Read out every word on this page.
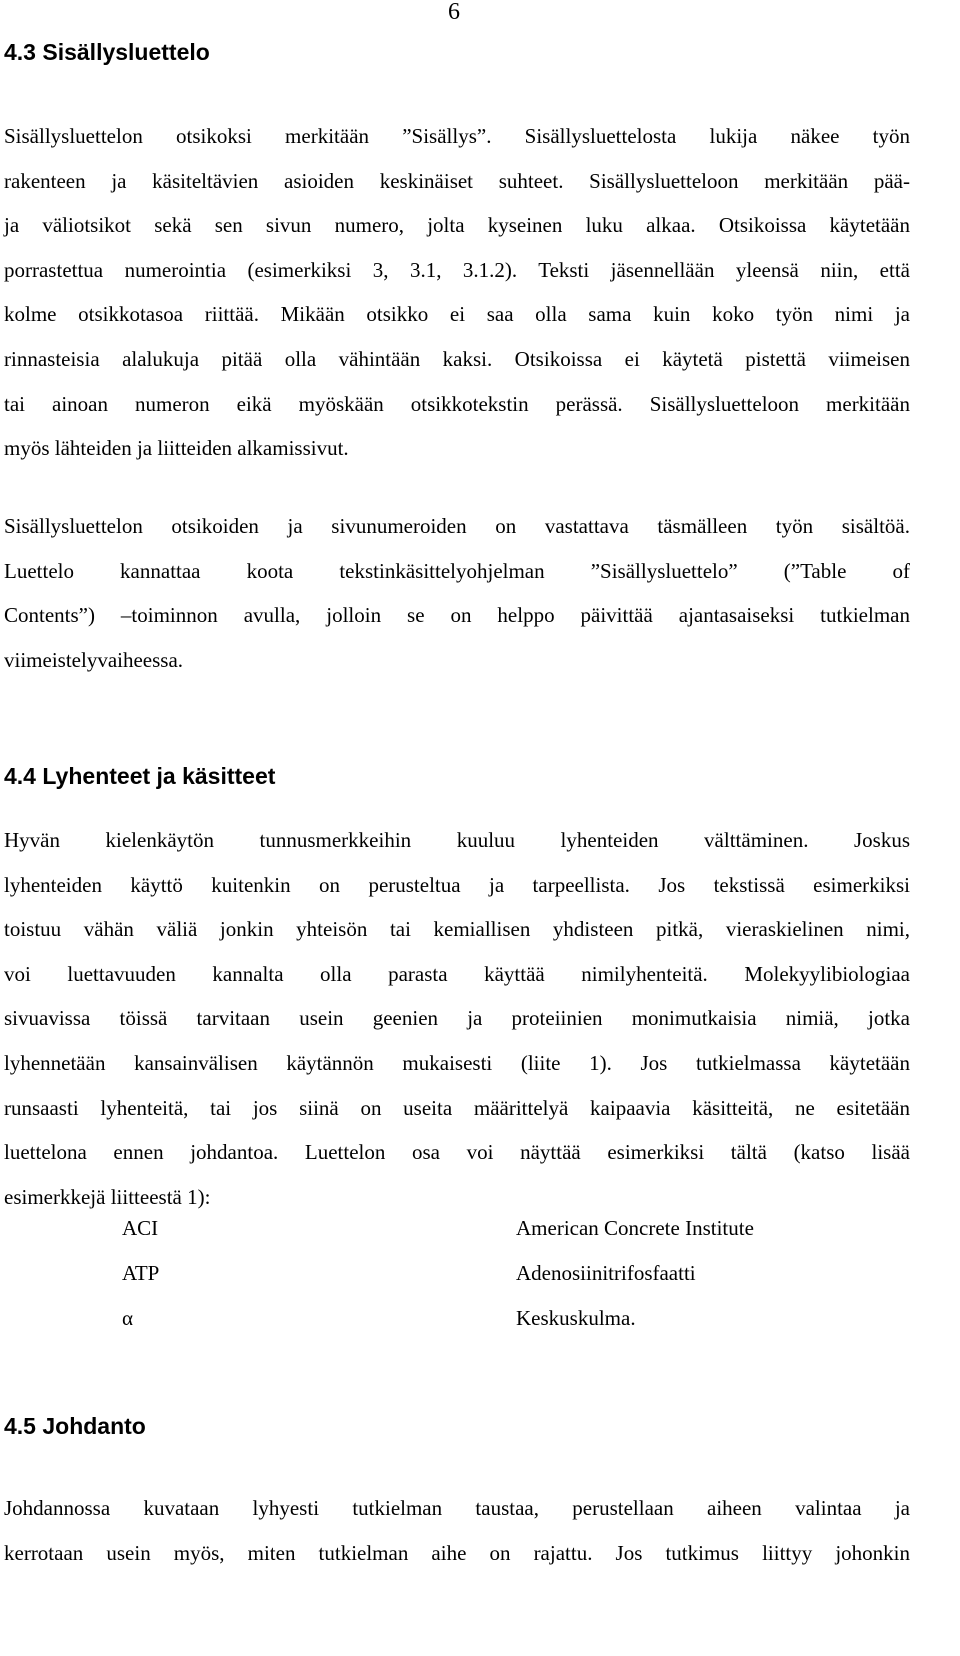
6
4.3 Sisällysluettelo
Sisällysluettelon otsikoksi merkitään ”Sisällys”. Sisällysluettelosta lukija näkee työn
rakenteen ja käsiteltävien asioiden keskinäiset suhteet. Sisällysluetteloon merkitään pää-
ja väliotsikot sekä sen sivun numero, jolta kyseinen luku alkaa. Otsikoissa käytetään
porrastettua numerointia (esimerkiksi 3, 3.1, 3.1.2). Teksti jäsennellään yleensä niin, että
kolme otsikkotasoa riittää. Mikään otsikko ei saa olla sama kuin koko työn nimi ja
rinnasteisia alalukuja pitää olla vähintään kaksi. Otsikoissa ei käytetä pistettä viimeisen
tai ainoan numeron eikä myöskään otsikkotekstin perässä. Sisällysluetteloon merkitään
myös lähteiden ja liitteiden alkamissivut.
Sisällysluettelon otsikoiden ja sivunumeroiden on vastattava täsmälleen työn sisältöä.
Luettelo kannattaa koota tekstinkäsittelyohjelman ”Sisällysluettelo” (”Table of
Contents”) –toiminnon avulla, jolloin se on helppo päivittää ajantasaiseksi tutkielman
viimeistelyvaiheessa.
4.4 Lyhenteet ja käsitteet
Hyvän kielenkäytön tunnusmerkkeihin kuuluu lyhenteiden välttäminen. Joskus
lyhenteiden käyttö kuitenkin on perusteltua ja tarpeellista. Jos tekstissä esimerkiksi
toistuu vähän väliä jonkin yhteisön tai kemiallisen yhdisteen pitkä, vieraskielinen nimi,
voi luettavuuden kannalta olla parasta käyttää nimilyhenteitä. Molekyylibiologiaa
sivuavissa töissä tarvitaan usein geenien ja proteiinien monimutkaisia nimiä, jotka
lyhennetään kansainvälisen käytännön mukaisesti (liite 1). Jos tutkielmassa käytetään
runsaasti lyhenteitä, tai jos siinä on useita määrittelyä kaipaavia käsitteitä, ne esitetään
luettelona ennen johdantoa. Luettelon osa voi näyttää esimerkiksi tältä (katso lisää
esimerkkejä liitteestä 1):
ACI	American Concrete Institute
ATP	Adenosiinitrifosfaatti
α	Keskuskulma.
4.5 Johdanto
Johdannossa kuvataan lyhyesti tutkielman taustaa, perustellaan aiheen valintaa ja
kerrotaan usein myös, miten tutkielman aihe on rajattu. Jos tutkimus liittyy johonkin
